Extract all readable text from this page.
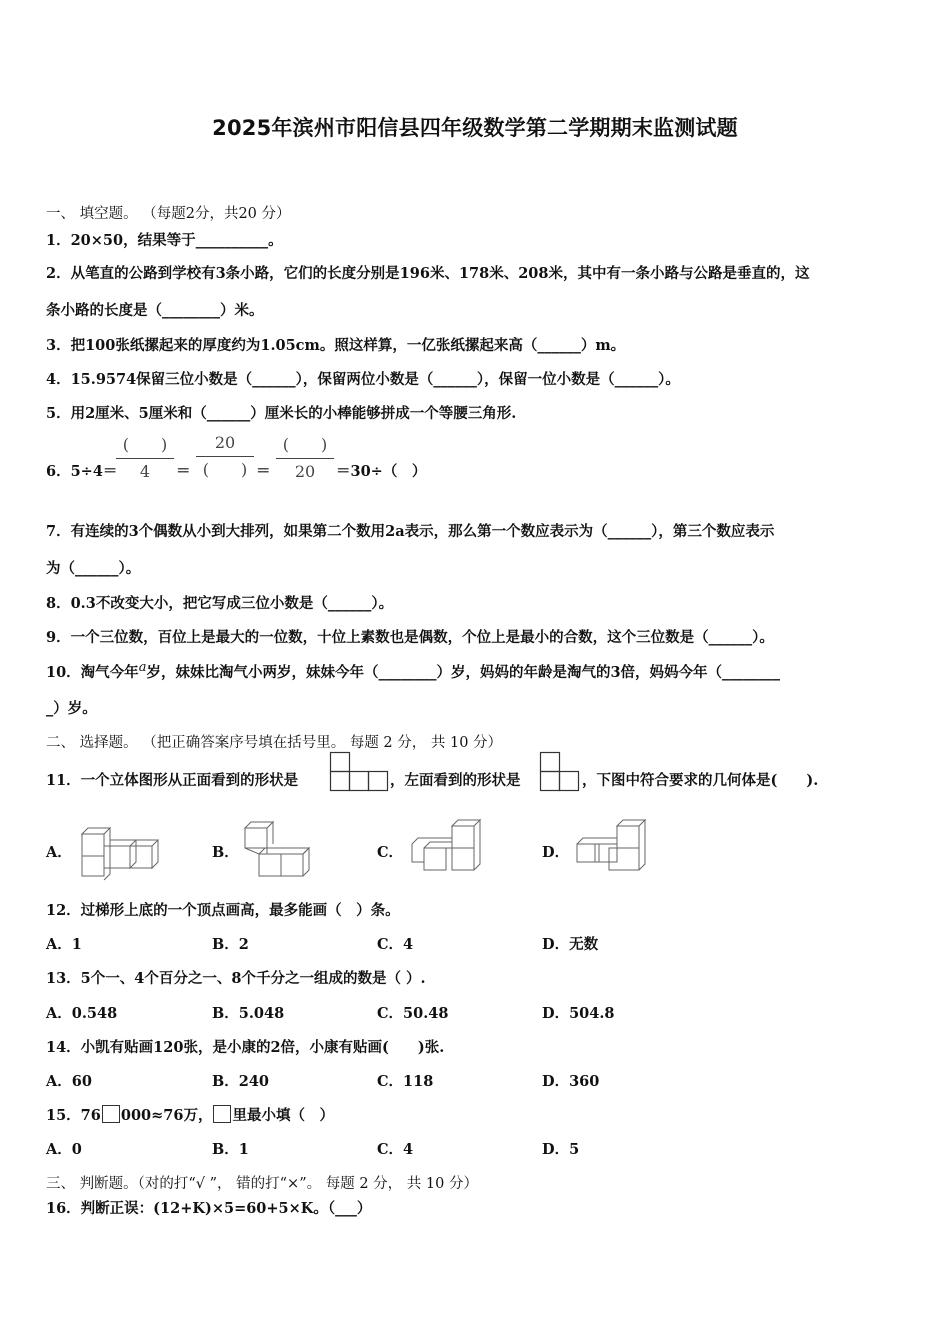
2025年滨州市阳信县四年级数学第二学期期末监测试题
一、 填空题。 （每题2分，共20 分）
1．20×50，结果等于__________。
2．从笔直的公路到学校有3条小路，它们的长度分别是196米、178米、208米，其中有一条小路与公路是垂直的，这
条小路的长度是（________）米。
3．把100张纸摞起来的厚度约为1.05cm。照这样算，一亿张纸摞起来高（______）m。
4．15.9574保留三位小数是（______），保留两位小数是（______），保留一位小数是（______）。
5．用2厘米、5厘米和（______）厘米长的小棒能够拼成一个等腰三角形.
6．5÷4＝
(　　)
4	＝
20
(　　) ＝
(　　)
20	＝30÷（　）
7．有连续的3个偶数从小到大排列，如果第二个数用2a表示，那么第一个数应表示为（______），第三个数应表示
为（______）。
8．0.3不改变大小，把它写成三位小数是（______）。
9．一个三位数，百位上是最大的一位数，十位上素数也是偶数，个位上是最小的合数，这个三位数是（______）。
10．淘气今年$^a$岁，妹妹比淘气小两岁，妹妹今年（________）岁，妈妈的年龄是淘气的3倍，妈妈今年（________
_）岁。
二、 选择题。 （把正确答案序号填在括号里。 每题 2 分， 共 10 分）
11．一个立体图形从正面看到的形状是	，左面看到的形状是	，下图中符合要求的几何体是(　　).
A．	B．	C．	D．
12．过梯形上底的一个顶点画高，最多能画（　）条。
A．1	B．2	C．4	D．无数
13．5个一、4个百分之一、8个千分之一组成的数是（ ）.
A．0.548	B．5.048	C．50.48	D．504.8
14．小凯有贴画120张，是小康的2倍，小康有贴画(　　)张.
A．60	B．240	C．118	D．360
15．76 000≈76万， 里最小填（　）
A．0	B．1	C．4	D．5
三、 判断题。（对的打“√ ”， 错的打“×”。 每题 2 分， 共 10 分）
16．判断正误：(12+K)×5=60+5×K。（___）
